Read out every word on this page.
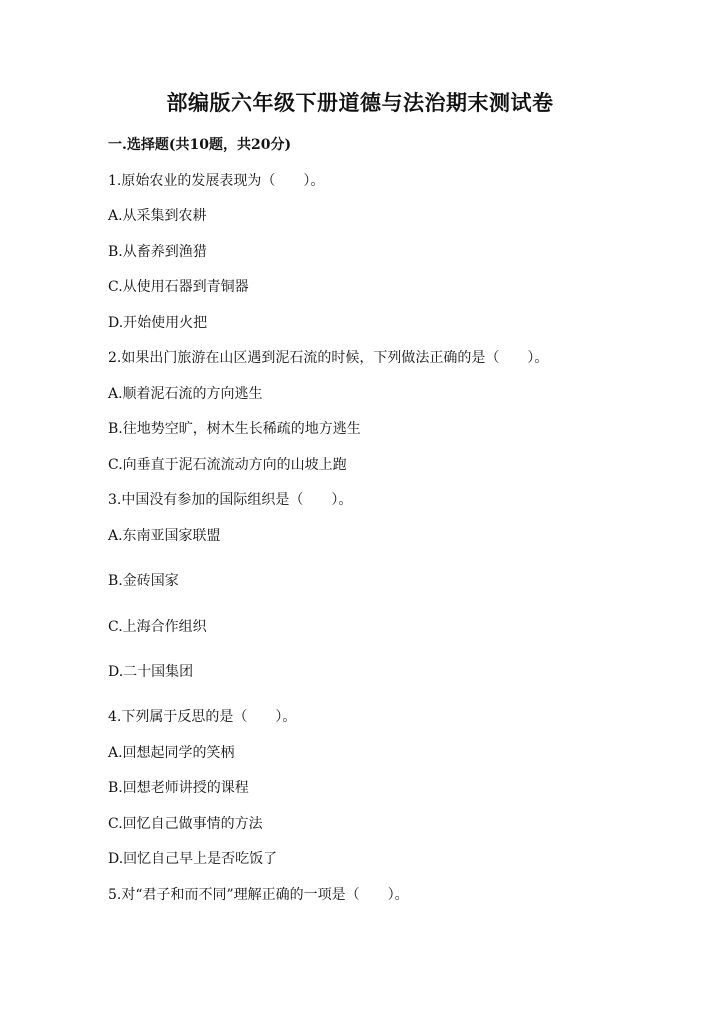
部编版六年级下册道德与法治期末测试卷
一.选择题(共10题，共20分)
1.原始农业的发展表现为（　　）。
A.从采集到农耕
B.从畜养到渔猎
C.从使用石器到青铜器
D.开始使用火把
2.如果出门旅游在山区遇到泥石流的时候，下列做法正确的是（　　）。
A.顺着泥石流的方向逃生
B.往地势空旷，树木生长稀疏的地方逃生
C.向垂直于泥石流流动方向的山坡上跑
3.中国没有参加的国际组织是（　　）。
A.东南亚国家联盟
B.金砖国家
C.上海合作组织
D.二十国集团
4.下列属于反思的是（　　）。
A.回想起同学的笑柄
B.回想老师讲授的课程
C.回忆自己做事情的方法
D.回忆自己早上是否吃饭了
5.对“君子和而不同”理解正确的一项是（　　）。
